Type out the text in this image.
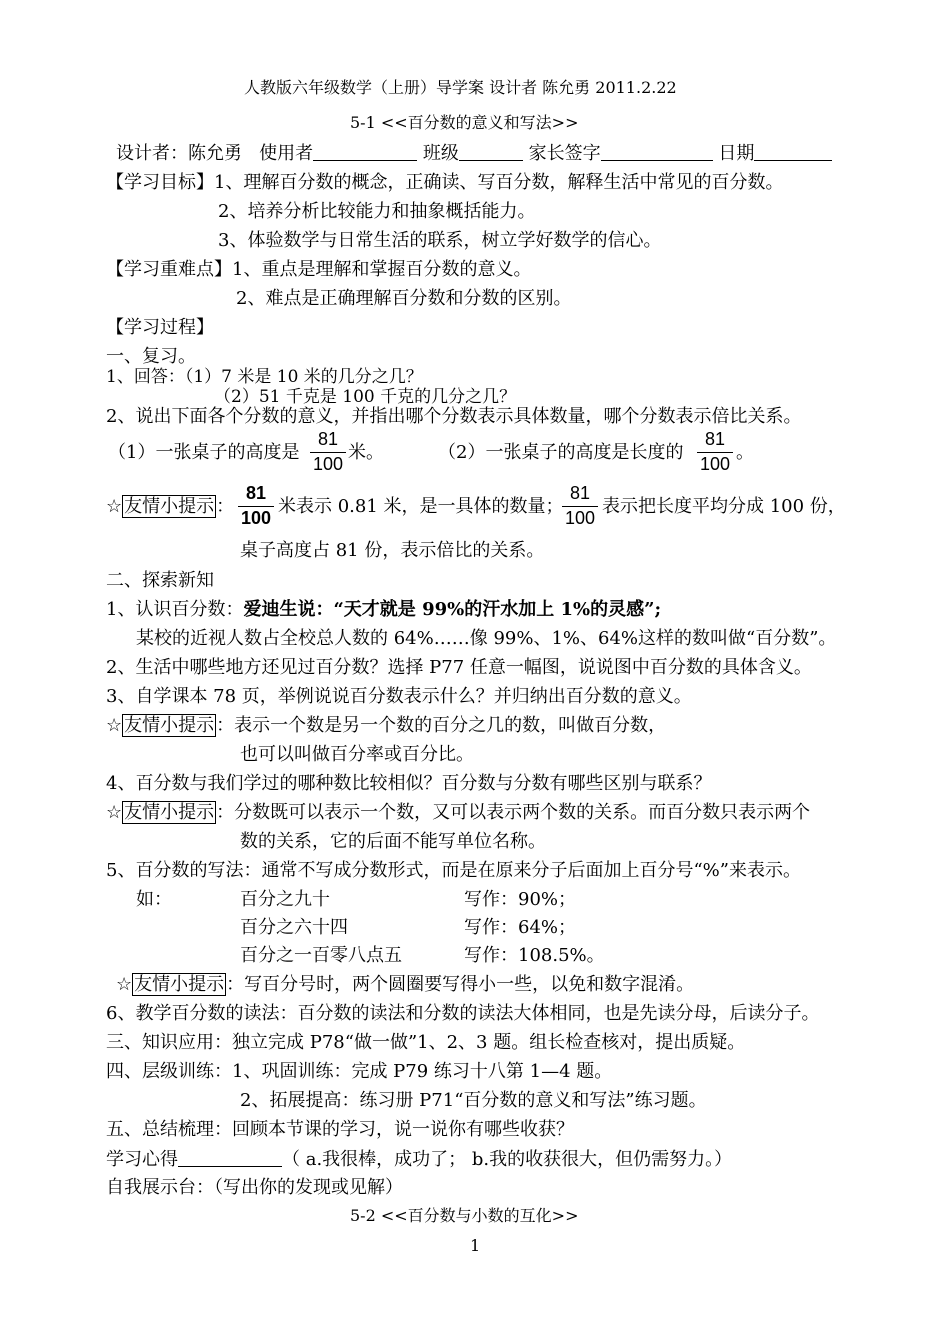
人教版六年级数学（上册）导学案 设计者 陈允勇 2011.2.22
5-1 <<百分数的意义和写法>>
设计者：陈允勇 使用者	班级	家长签字	日期
【学习目标】1、理解百分数的概念，正确读、写百分数，解释生活中常见的百分数。
2、培养分析比较能力和抽象概括能力。
3、体验数学与日常生活的联系，树立学好数学的信心。
【学习重难点】1、重点是理解和掌握百分数的意义。
2、难点是正确理解百分数和分数的区别。
【学习过程】
一、复习。
1、回答：（1）7 米是 10 米的几分之几？
（2）51 千克是 100 千克的几分之几？
2、说出下面各个分数的意义，并指出哪个分数表示具体数量，哪个分数表示倍比关系。
（1）一张桌子的高度是
81
100
米。	（2）一张桌子的高度是长度的
81
100
。
☆ 友情小提示 ：
81
100
米表示 0.81 米，是一具体的数量；
81
100
表示把长度平均分成 100 份，
桌子高度占 81 份，表示倍比的关系。
二、探索新知
1、认识百分数：爱迪生说：“天才就是 99%的汗水加上 1%的灵感”;
某校的近视人数占全校总人数的 64%……像 99%、1%、64%这样的数叫做“百分数”。
2、生活中哪些地方还见过百分数？选择 P77 任意一幅图，说说图中百分数的具体含义。
3、自学课本 78 页，举例说说百分数表示什么？并归纳出百分数的意义。
☆ 友情小提示 ：表示一个数是另一个数的百分之几的数，叫做百分数，
也可以叫做百分率或百分比。
4、百分数与我们学过的哪种数比较相似？百分数与分数有哪些区别与联系？
☆ 友情小提示 ：分数既可以表示一个数，又可以表示两个数的关系。而百分数只表示两个
数的关系，它的后面不能写单位名称。
5、百分数的写法：通常不写成分数形式，而是在原来分子后面加上百分号“%”来表示。
如：	百分之九十	写作：90%；
百分之六十四	写作：64%；
百分之一百零八点五	写作：108.5%。
☆ 友情小提示 ：写百分号时，两个圆圈要写得小一些，以免和数字混淆。
6、教学百分数的读法：百分数的读法和分数的读法大体相同，也是先读分母，后读分子。
三、知识应用：独立完成 P78“做一做”1、2、3 题。组长检查核对，提出质疑。
四、层级训练：1、巩固训练：完成 P79 练习十八第 1—4 题。
2、拓展提高：练习册 P71“百分数的意义和写法”练习题。
五、总结梳理：回顾本节课的学习，说一说你有哪些收获？
学习心得	（ a.我很棒，成功了； b.我的收获很大，但仍需努力。）
自我展示台：（写出你的发现或见解）
5-2 <<百分数与小数的互化>>
1
